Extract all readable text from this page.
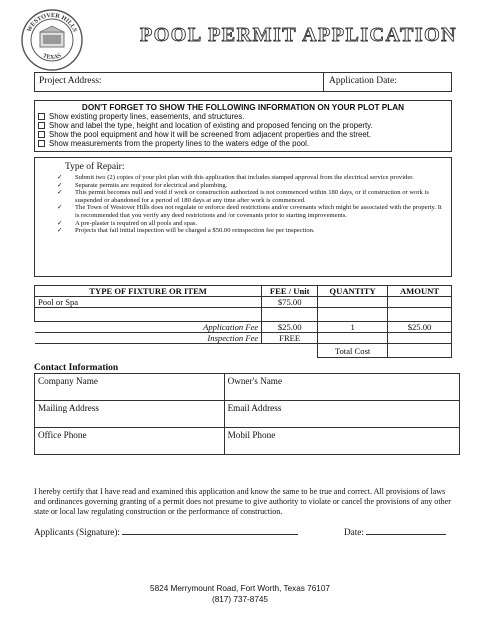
WESTOVER HILLS
TEXAS
POOL PERMIT APPLICATION
Project Address:	Application Date:
DON'T FORGET TO SHOW THE FOLLOWING INFORMATION ON YOUR PLOT PLAN
Show existing property lines, easements, and structures.
Show and label the type, height and location of existing and proposed fencing on the property.
Show the pool equipment and how it will be screened from adjacent properties and the street.
Show measurements from the property lines to the waters edge of the pool.
Type of Repair:
✓ Submit two (2) copies of your plot plan with this application that includes stamped approval from the electrical service provider.
✓ Separate permits are required for electrical and plumbing.
✓ This permit becomes null and void if work or construction authorized is not commenced within 180 days, or if construction or work is suspended or abandoned for a period of 180 days at any time after work is commenced.
✓ The Town of Westover Hills does not regulate or enforce deed restrictions and/or covenants which might be associated with the property. It is recommended that you verify any deed restrictions and /or covenants prior to starting improvements.
✓ A pre-plaster is required on all pools and spas.
✓ Projects that fail initial inspection will be charged a $50.00 reinspection fee per inspection.
TYPE OF FIXTURE OR ITEM	FEE / Unit	QUANTITY	AMOUNT
Pool or Spa	$75.00		

Application Fee	$25.00	1	$25.00
Inspection Fee	FREE		
		Total Cost	
Contact Information
Company Name	Owner's Name
Mailing Address	Email Address
Office Phone	Mobil Phone
I hereby certify that I have read and examined this application and know the same to be true and correct. All provisions of laws and ordinances governing granting of a permit does not presume to give authority to violate or cancel the provisions of any other state or local law regulating construction or the performance of construction.
Applicants (Signature):	Date:
5824 Merrymount Road, Fort Worth, Texas 76107
(817) 737-8745
